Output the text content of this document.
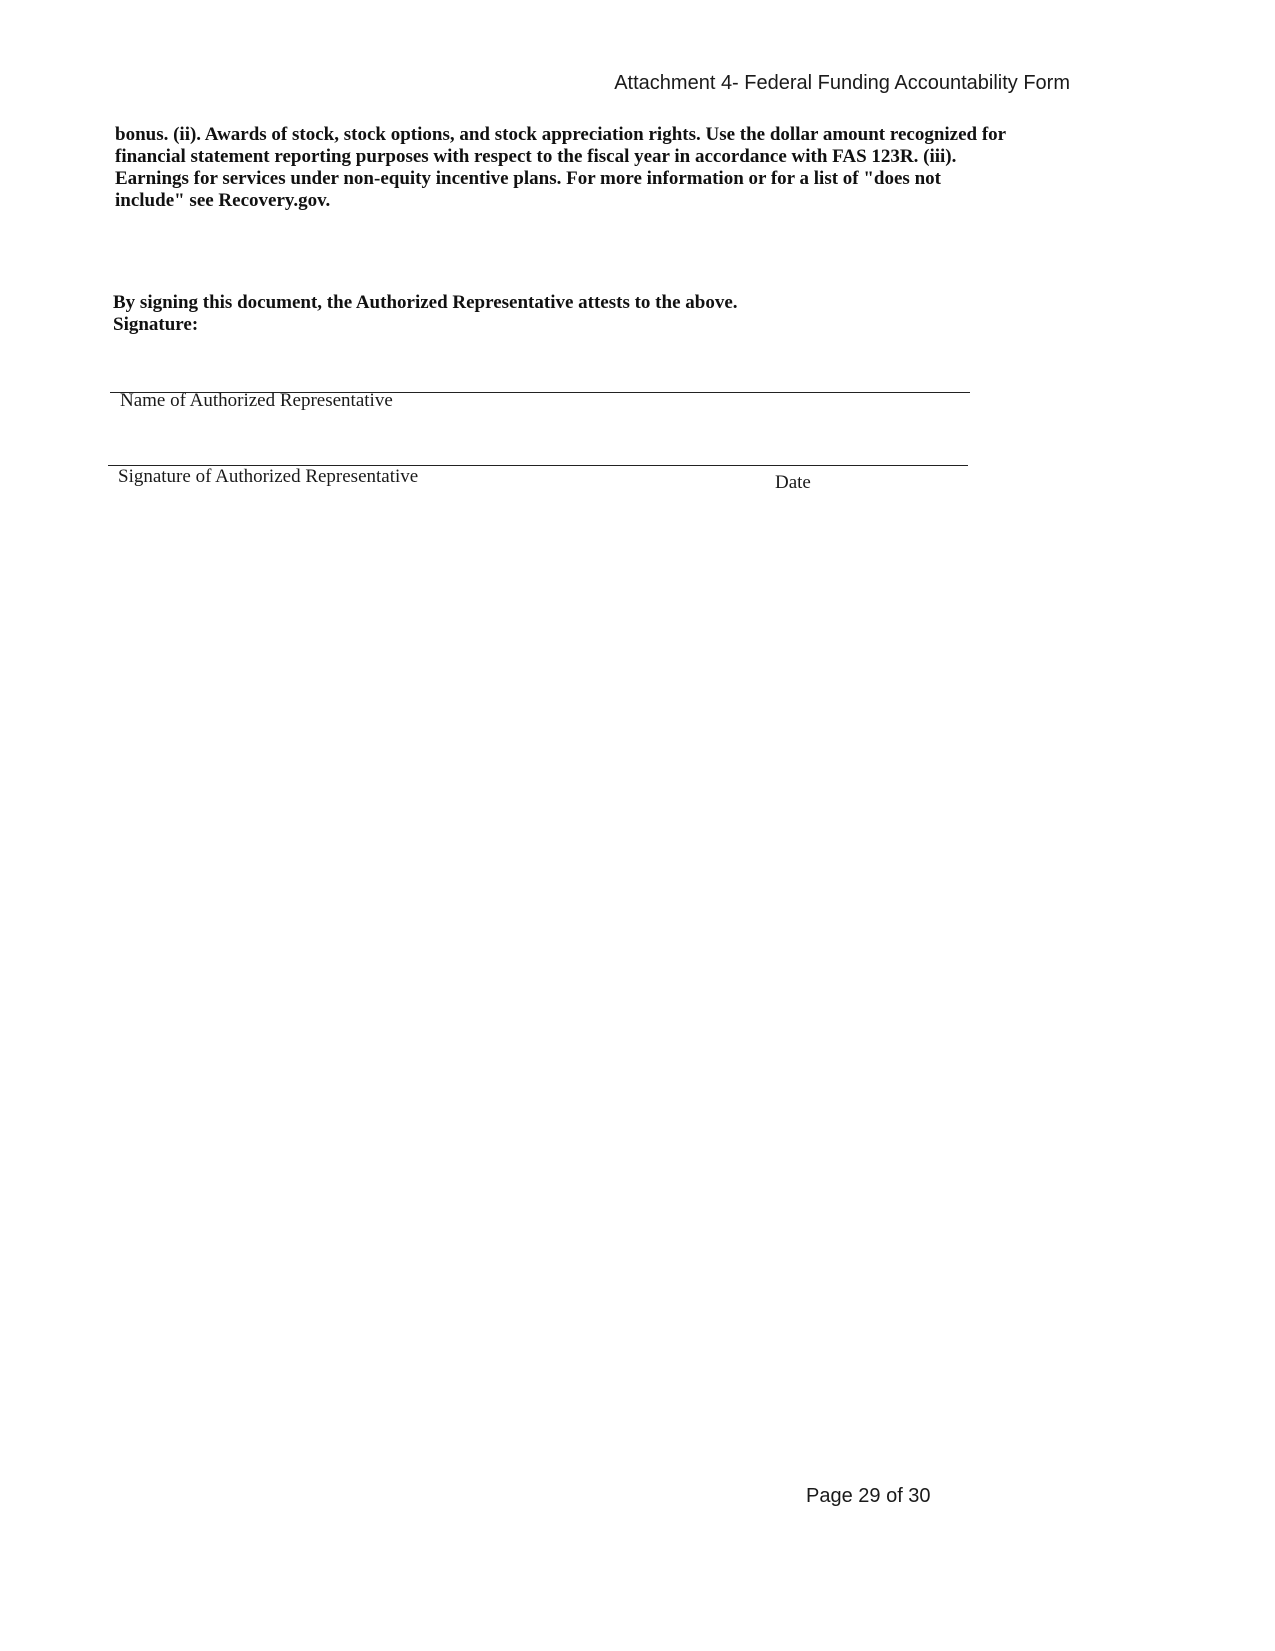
Attachment 4- Federal Funding Accountability Form
bonus. (ii). Awards of stock, stock options, and stock appreciation rights. Use the dollar amount recognized for
financial statement reporting purposes with respect to the fiscal year in accordance with FAS 123R. (iii).
Earnings for services under non-equity incentive plans. For more information or for a list of "does not
include" see Recovery.gov.
By signing this document, the Authorized Representative attests to the above.
Signature:
Name of Authorized Representative
Signature of Authorized Representative	Date
Page 29 of 30
